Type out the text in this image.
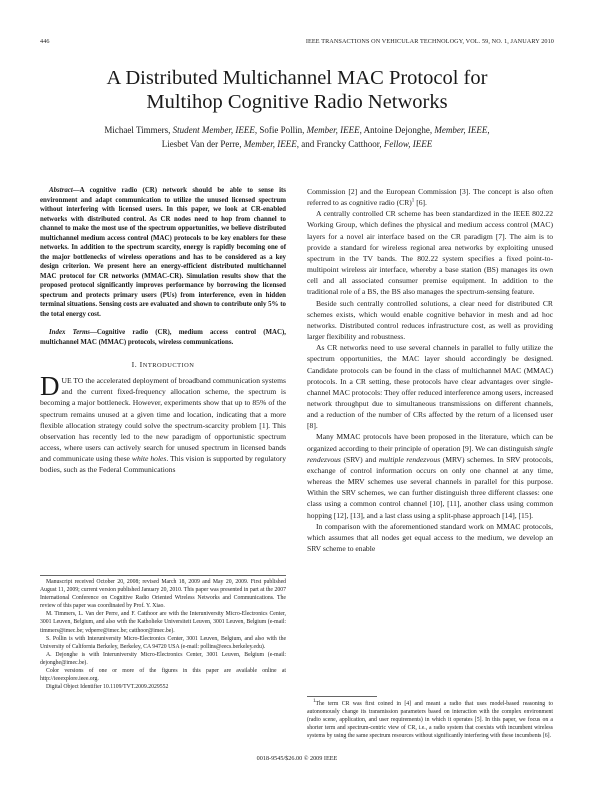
446	IEEE TRANSACTIONS ON VEHICULAR TECHNOLOGY, VOL. 59, NO. 1, JANUARY 2010
A Distributed Multichannel MAC Protocol for
Multihop Cognitive Radio Networks
Michael Timmers, Student Member, IEEE, Sofie Pollin, Member, IEEE, Antoine Dejonghe, Member, IEEE,
Liesbet Van der Perre, Member, IEEE, and Francky Catthoor, Fellow, IEEE

Abstract—A cognitive radio (CR) network should be able to sense its environment and adapt communication to utilize the unused licensed spectrum without interfering with licensed users. In this paper, we look at CR-enabled networks with distributed control. As CR nodes need to hop from channel to channel to make the most use of the spectrum opportunities, we believe distributed multichannel medium access control (MAC) protocols to be key enablers for these networks. In addition to the spectrum scarcity, energy is rapidly becoming one of the major bottlenecks of wireless operations and has to be considered as a key design criterion. We present here an energy-efficient distributed multichannel MAC protocol for CR networks (MMAC-CR). Simulation results show that the proposed protocol significantly improves performance by borrowing the licensed spectrum and protects primary users (PUs) from interference, even in hidden terminal situations. Sensing costs are evaluated and shown to contribute only 5% to the total energy cost.

Index Terms—Cognitive radio (CR), medium access control (MAC), multichannel MAC (MMAC) protocols, wireless communications.

I. INTRODUCTION

DUE TO the accelerated deployment of broadband communication systems and the current fixed-frequency allocation scheme, the spectrum is becoming a major bottleneck. However, experiments show that up to 85% of the spectrum remains unused at a given time and location, indicating that a more flexible allocation strategy could solve the spectrum-scarcity problem [1]. This observation has recently led to the new paradigm of opportunistic spectrum access, where users can actively search for unused spectrum in licensed bands and communicate using these white holes. This vision is supported by regulatory bodies, such as the Federal Communications

Manuscript received October 20, 2008; revised March 18, 2009 and May 20, 2009. First published August 11, 2009; current version published January 20, 2010. This paper was presented in part at the 2007 International Conference on Cognitive Radio Oriented Wireless Networks and Communications. The review of this paper was coordinated by Prof. Y. Xiao.

M. Timmers, L. Van der Perre, and F. Catthoor are with the Interuniversity Micro-Electronics Center, 3001 Leuven, Belgium, and also with the Katholieke Universiteit Leuven, 3001 Leuven, Belgium (e-mail: timmers@imec.be; vdperre@imec.be; catthoor@imec.be).

S. Pollin is with Interuniversity Micro-Electronics Center, 3001 Leuven, Belgium, and also with the University of California Berkeley, Berkeley, CA 94720 USA (e-mail: pollins@eecs.berkeley.edu).

A. Dejonghe is with Interuniversity Micro-Electronics Center, 3001 Leuven, Belgium (e-mail: dejonghe@imec.be).

Color versions of one or more of the figures in this paper are available online at http://ieeexplore.ieee.org.

Digital Object Identifier 10.1109/TVT.2009.2029552

Commission [2] and the European Commission [3]. The concept is also often referred to as cognitive radio (CR)$^1$ [6].

A centrally controlled CR scheme has been standardized in the IEEE 802.22 Working Group, which defines the physical and medium access control (MAC) layers for a novel air interface based on the CR paradigm [7]. The aim is to provide a standard for wireless regional area networks by exploiting unused spectrum in the TV bands. The 802.22 system specifies a fixed point-to-multipoint wireless air interface, whereby a base station (BS) manages its own cell and all associated consumer premise equipment. In addition to the traditional role of a BS, the BS also manages the spectrum-sensing feature.

Beside such centrally controlled solutions, a clear need for distributed CR schemes exists, which would enable cognitive behavior in mesh and ad hoc networks. Distributed control reduces infrastructure cost, as well as providing larger flexibility and robustness.

As CR networks need to use several channels in parallel to fully utilize the spectrum opportunities, the MAC layer should accordingly be designed. Candidate protocols can be found in the class of multichannel MAC (MMAC) protocols. In a CR setting, these protocols have clear advantages over single-channel MAC protocols: They offer reduced interference among users, increased network throughput due to simultaneous transmissions on different channels, and a reduction of the number of CRs affected by the return of a licensed user [8].

Many MMAC protocols have been proposed in the literature, which can be organized according to their principle of operation [9]. We can distinguish single rendezvous (SRV) and multiple rendezvous (MRV) schemes. In SRV protocols, exchange of control information occurs on only one channel at any time, whereas the MRV schemes use several channels in parallel for this purpose. Within the SRV schemes, we can further distinguish three different classes: one class using a common control channel [10], [11], another class using common hopping [12], [13], and a last class using a split-phase approach [14], [15].

In comparison with the aforementioned standard work on MMAC protocols, which assumes that all nodes get equal access to the medium, we develop an SRV scheme to enable

$^1$The term CR was first coined in [4] and meant a radio that uses model-based reasoning to autonomously change its transmission parameters based on interaction with the complex environment (radio scene, application, and user requirements) in which it operates [5]. In this paper, we focus on a shorter term and spectrum-centric view of CR, i.e., a radio system that coexists with incumbent wireless systems by using the same spectrum resources without significantly interfering with these incumbents [6].

0018-9545/$26.00 © 2009 IEEE
